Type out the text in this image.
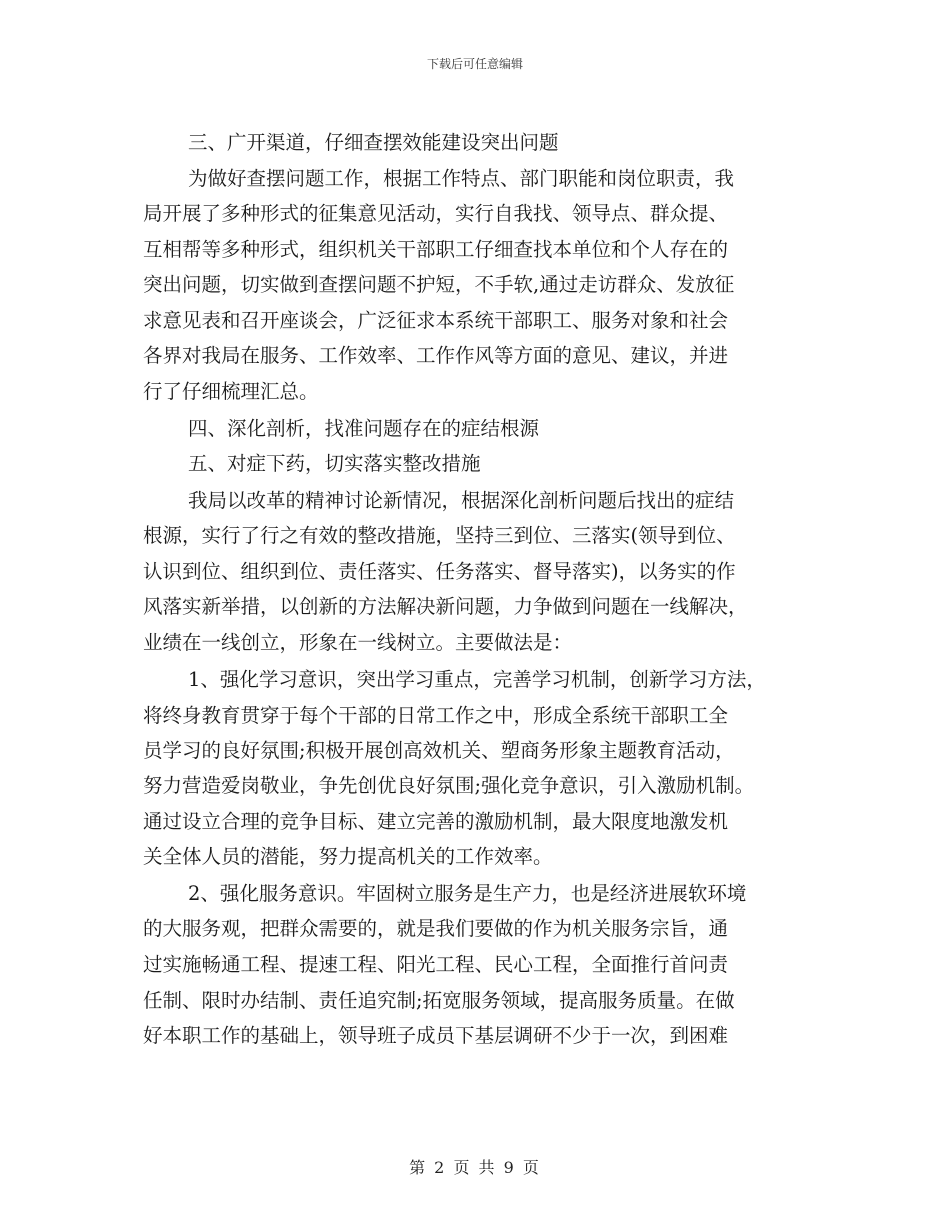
下载后可任意编辑
三、广开渠道，仔细查摆效能建设突出问题
为做好查摆问题工作，根据工作特点、部门职能和岗位职责，我
局开展了多种形式的征集意见活动，实行自我找、领导点、群众提、
互相帮等多种形式，组织机关干部职工仔细查找本单位和个人存在的
突出问题，切实做到查摆问题不护短，不手软,通过走访群众、发放征
求意见表和召开座谈会，广泛征求本系统干部职工、服务对象和社会
各界对我局在服务、工作效率、工作作风等方面的意见、建议，并进
行了仔细梳理汇总。
四、深化剖析，找准问题存在的症结根源
五、对症下药，切实落实整改措施
我局以改革的精神讨论新情况，根据深化剖析问题后找出的症结
根源，实行了行之有效的整改措施，坚持三到位、三落实(领导到位、
认识到位、组织到位、责任落实、任务落实、督导落实)，以务实的作
风落实新举措，以创新的方法解决新问题，力争做到问题在一线解决，
业绩在一线创立，形象在一线树立。主要做法是：
1、强化学习意识，突出学习重点，完善学习机制，创新学习方法，
将终身教育贯穿于每个干部的日常工作之中，形成全系统干部职工全
员学习的良好氛围;积极开展创高效机关、塑商务形象主题教育活动，
努力营造爱岗敬业，争先创优良好氛围;强化竞争意识，引入激励机制。
通过设立合理的竞争目标、建立完善的激励机制，最大限度地激发机
关全体人员的潜能，努力提高机关的工作效率。
2、强化服务意识。牢固树立服务是生产力，也是经济进展软环境
的大服务观，把群众需要的，就是我们要做的作为机关服务宗旨，通
过实施畅通工程、提速工程、阳光工程、民心工程，全面推行首问责
任制、限时办结制、责任追究制;拓宽服务领域，提高服务质量。在做
好本职工作的基础上，领导班子成员下基层调研不少于一次，到困难
第 2 页 共 9 页
